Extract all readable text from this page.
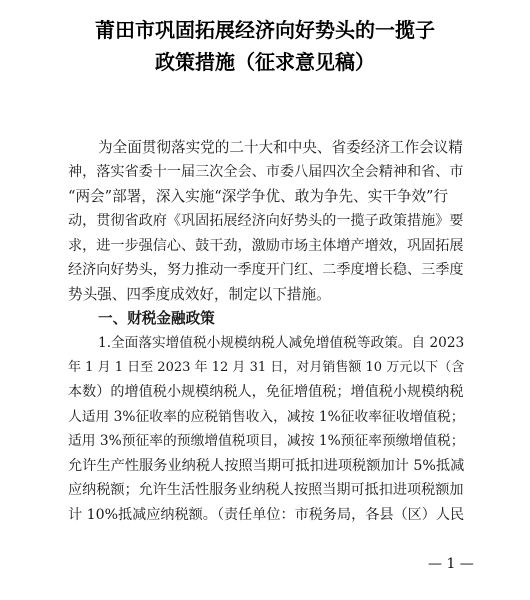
莆田市巩固拓展经济向好势头的一揽子
政策措施（征求意见稿）
为全面贯彻落实党的二十大和中央、省委经济工作会议精
神，落实省委十一届三次全会、市委八届四次全会精神和省、市
“两会”部署，深入实施“深学争优、敢为争先、实干争效”行
动，贯彻省政府《巩固拓展经济向好势头的一揽子政策措施》要
求，进一步强信心、鼓干劲，激励市场主体增产增效，巩固拓展
经济向好势头，努力推动一季度开门红、二季度增长稳、三季度
势头强、四季度成效好，制定以下措施。
一、财税金融政策
1.全面落实增值税小规模纳税人减免增值税等政策。自 2023
年 1 月 1 日至 2023 年 12 月 31 日，对月销售额 10 万元以下（含
本数）的增值税小规模纳税人，免征增值税；增值税小规模纳税
人适用 3%征收率的应税销售收入，减按 1%征收率征收增值税；
适用 3%预征率的预缴增值税项目，减按 1%预征率预缴增值税；
允许生产性服务业纳税人按照当期可抵扣进项税额加计 5%抵减
应纳税额；允许生活性服务业纳税人按照当期可抵扣进项税额加
计 10%抵减应纳税额。（责任单位：市税务局，各县（区）人民
— 1 —
